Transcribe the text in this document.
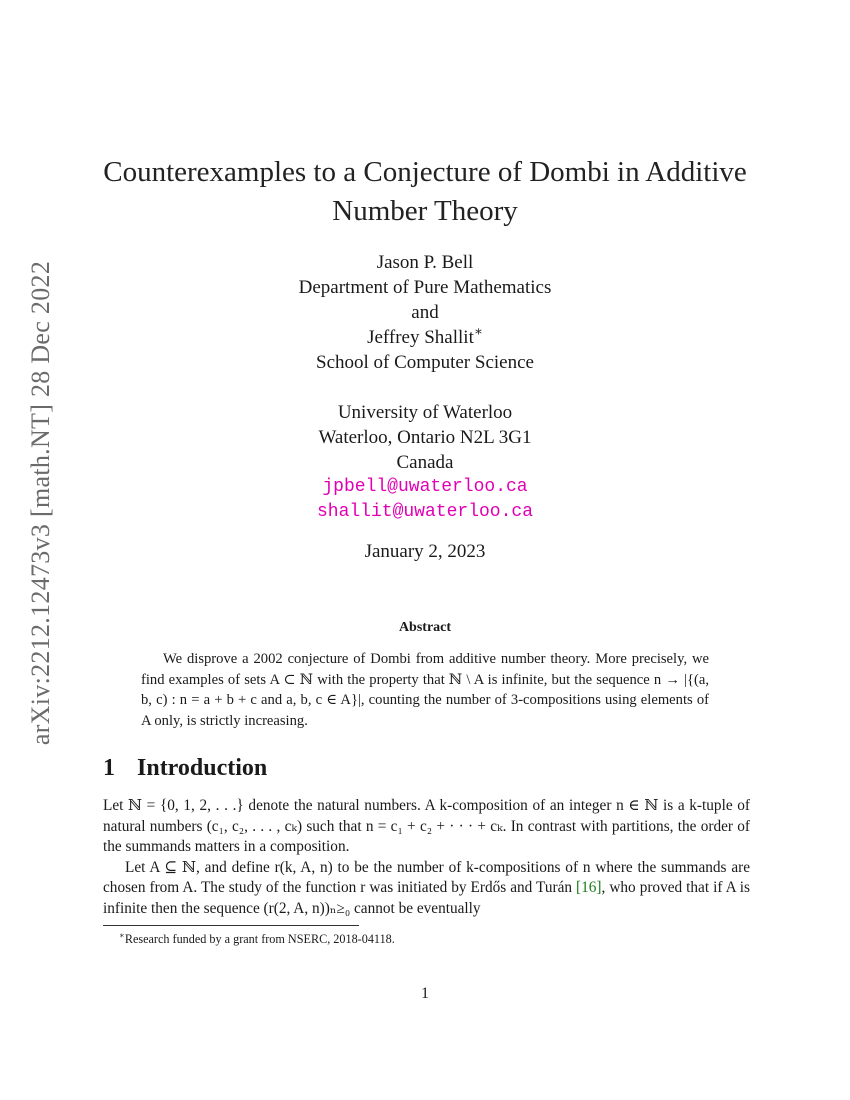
arXiv:2212.12473v3 [math.NT] 28 Dec 2022
Counterexamples to a Conjecture of Dombi in Additive
Number Theory
Jason P. Bell
Department of Pure Mathematics
and
Jeffrey Shallit∗
School of Computer Science
University of Waterloo
Waterloo, Ontario N2L 3G1
Canada
jpbell@uwaterloo.ca
shallit@uwaterloo.ca
January 2, 2023
Abstract

We disprove a 2002 conjecture of Dombi from additive number theory. More precisely, we find examples of sets A ⊂ ℕ with the property that ℕ \ A is infinite, but the sequence n → |{(a, b, c) : n = a + b + c and a, b, c ∈ A}|, counting the number of 3-compositions using elements of A only, is strictly increasing.

1 Introduction

Let ℕ = {0, 1, 2, . . .} denote the natural numbers. A k-composition of an integer n ∈ ℕ is a k-tuple of natural numbers (c₁, c₂, . . . , cₖ) such that n = c₁ + c₂ + · · · + cₖ. In contrast with partitions, the order of the summands matters in a composition.

Let A ⊆ ℕ, and define r(k, A, n) to be the number of k-compositions of n where the summands are chosen from A. The study of the function r was initiated by Erdős and Turán [16], who proved that if A is infinite then the sequence (r(2, A, n))ₙ≥₀ cannot be eventually

∗Research funded by a grant from NSERC, 2018-04118.
1
